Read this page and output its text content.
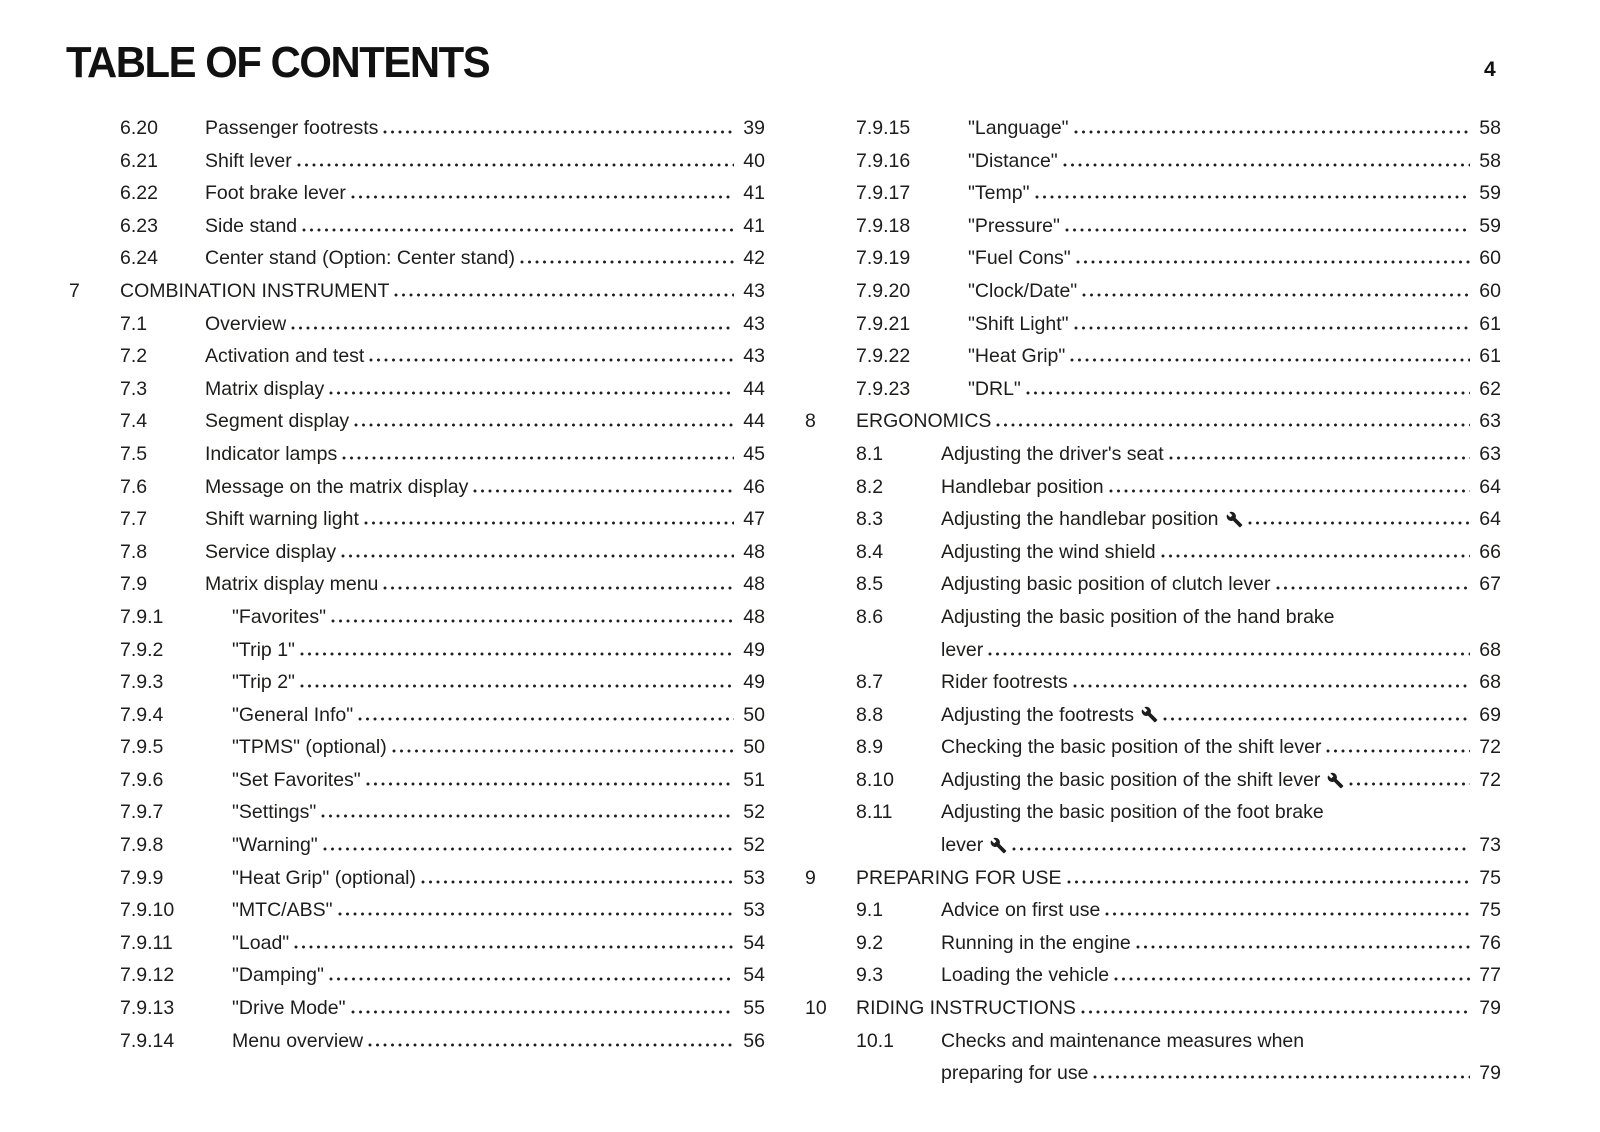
TABLE OF CONTENTS	4
6.20	Passenger footrests	39
6.21	Shift lever	40
6.22	Foot brake lever	41
6.23	Side stand	41
6.24	Center stand (Option: Center stand)	42
7	COMBINATION INSTRUMENT	43
7.1	Overview	43
7.2	Activation and test	43
7.3	Matrix display	44
7.4	Segment display	44
7.5	Indicator lamps	45
7.6	Message on the matrix display	46
7.7	Shift warning light	47
7.8	Service display	48
7.9	Matrix display menu	48
7.9.1	"Favorites"	48
7.9.2	"Trip 1"	49
7.9.3	"Trip 2"	49
7.9.4	"General Info"	50
7.9.5	"TPMS" (optional)	50
7.9.6	"Set Favorites"	51
7.9.7	"Settings"	52
7.9.8	"Warning"	52
7.9.9	"Heat Grip" (optional)	53
7.9.10	"MTC/ABS"	53
7.9.11	"Load"	54
7.9.12	"Damping"	54
7.9.13	"Drive Mode"	55
7.9.14	Menu overview	56
7.9.15	"Language"	58
7.9.16	"Distance"	58
7.9.17	"Temp"	59
7.9.18	"Pressure"	59
7.9.19	"Fuel Cons"	60
7.9.20	"Clock/Date"	60
7.9.21	"Shift Light"	61
7.9.22	"Heat Grip"	61
7.9.23	"DRL"	62
8	ERGONOMICS	63
8.1	Adjusting the driver's seat	63
8.2	Handlebar position	64
8.3	Adjusting the handlebar position	64
8.4	Adjusting the wind shield	66
8.5	Adjusting basic position of clutch lever	67
8.6	Adjusting the basic position of the hand brake
lever	68
8.7	Rider footrests	68
8.8	Adjusting the footrests	69
8.9	Checking the basic position of the shift lever	72
8.10	Adjusting the basic position of the shift lever	72
8.11	Adjusting the basic position of the foot brake
lever	73
9	PREPARING FOR USE	75
9.1	Advice on first use	75
9.2	Running in the engine	76
9.3	Loading the vehicle	77
10	RIDING INSTRUCTIONS	79
10.1	Checks and maintenance measures when
preparing for use	79
